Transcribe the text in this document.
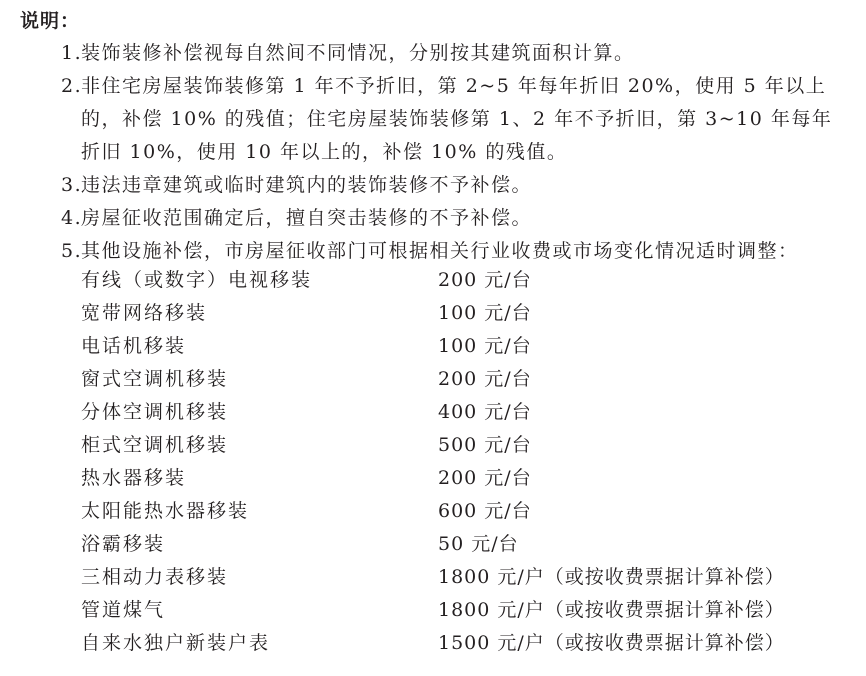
说明：
1.装饰装修补偿视每自然间不同情况，分别按其建筑面积计算。
2.非住宅房屋装饰装修第 1 年不予折旧，第 2~5 年每年折旧 20%，使用 5 年以上
的，补偿 10% 的残值；住宅房屋装饰装修第 1、2 年不予折旧，第 3~10 年每年
折旧 10%，使用 10 年以上的，补偿 10% 的残值。
3.违法违章建筑或临时建筑内的装饰装修不予补偿。
4.房屋征收范围确定后，擅自突击装修的不予补偿。
5.其他设施补偿，市房屋征收部门可根据相关行业收费或市场变化情况适时调整：
有线（或数字）电视移装	200 元/台
宽带网络移装	100 元/台
电话机移装	100 元/台
窗式空调机移装	200 元/台
分体空调机移装	400 元/台
柜式空调机移装	500 元/台
热水器移装	200 元/台
太阳能热水器移装	600 元/台
浴霸移装	50 元/台
三相动力表移装	1800 元/户（或按收费票据计算补偿）
管道煤气	1800 元/户（或按收费票据计算补偿）
自来水独户新装户表	1500 元/户（或按收费票据计算补偿）
